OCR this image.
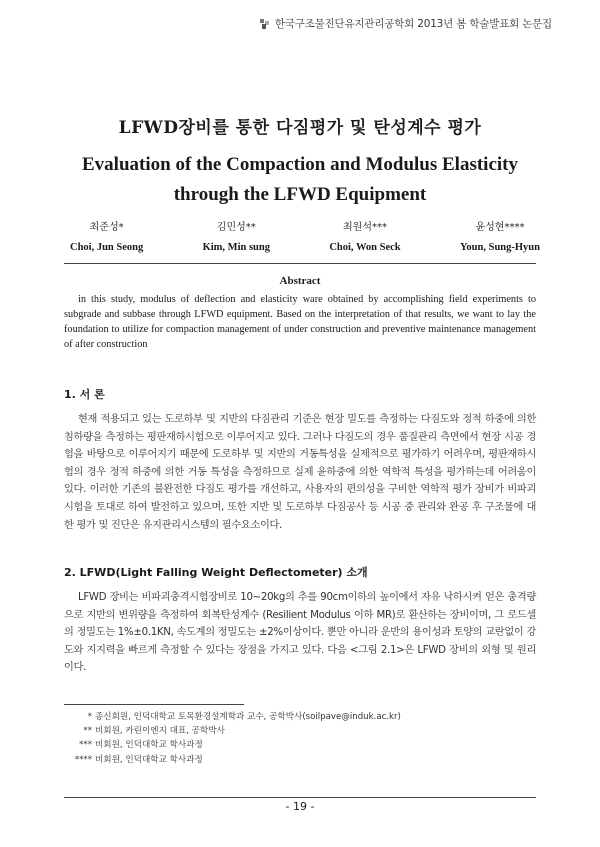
한국구조물진단유지관리공학회 2013년 봄 학술발표회 논문집
LFWD장비를 통한 다짐평가 및 탄성계수 평가
Evaluation of the Compaction and Modulus Elasticity
through the LFWD Equipment
최준성*
Choi, Jun Seong
김민성**
Kim, Min sung
최원석***
Choi, Won Seck
윤성현****
Youn, Sung-Hyun
Abstract
in this study, modulus of deflection and elasticity ware obtained by accomplishing field experiments to subgrade and subbase through LFWD equipment. Based on the interpretation of that results, we want to lay the foundation to utilize for compaction management of under construction and preventive maintenance management of after construction
1. 서 론
현재 적용되고 있는 도로하부 및 지반의 다짐관리 기준은 현장 밀도를 측정하는 다짐도와 정적 하중에 의한 침하량을 측정하는 평판재하시험으로 이루어지고 있다. 그러나 다짐도의 경우 품질관리 측면에서 현장 시공 경험을 바탕으로 이루어지기 때문에 도로하부 및 지반의 거동특성을 실제적으로 평가하기 어려우며, 평판재하시험의 경우 정적 하중에 의한 거동 특성을 측정하므로 실제 윤하중에 의한 역학적 특성을 평가하는데 어려움이 있다. 이러한 기존의 불완전한 다짐도 평가를 개선하고, 사용자의 편의성을 구비한 역학적 평가 장비가 비파괴시험을 토대로 하여 발전하고 있으며, 또한 지반 및 도로하부 다짐공사 등 시공 중 관리와 완공 후 구조물에 대한 평가 및 진단은 유지관리시스템의 필수요소이다.
2. LFWD(Light Falling Weight Deflectometer) 소개
LFWD 장비는 비파괴충격시험장비로 10~20kg의 추를 90cm이하의 높이에서 자유 낙하시켜 얻은 충격량으로 지반의 변위량을 측정하여 회복탄성계수 (Resilient Modulus 이하 MR)로 환산하는 장비이며, 그 로드셀의 정밀도는 1%±0.1KN, 속도계의 정밀도는 ±2%이상이다. 뿐만 아니라 운반의 용이성과 토양의 교란없이 강도와 지지력을 빠르게 측정할 수 있다는 장점을 가지고 있다. 다음 <그림 2.1>은 LFWD 장비의 외형 및 원리이다.
* 종신회원, 인덕대학교 토목환경설계학과 교수, 공학박사(soilpave@induk.ac.kr)
** 비회원, 카린이엔지 대표, 공학박사
*** 비회원, 인덕대학교 학사과정
**** 비회원, 인덕대학교 학사과정
- 19 -
